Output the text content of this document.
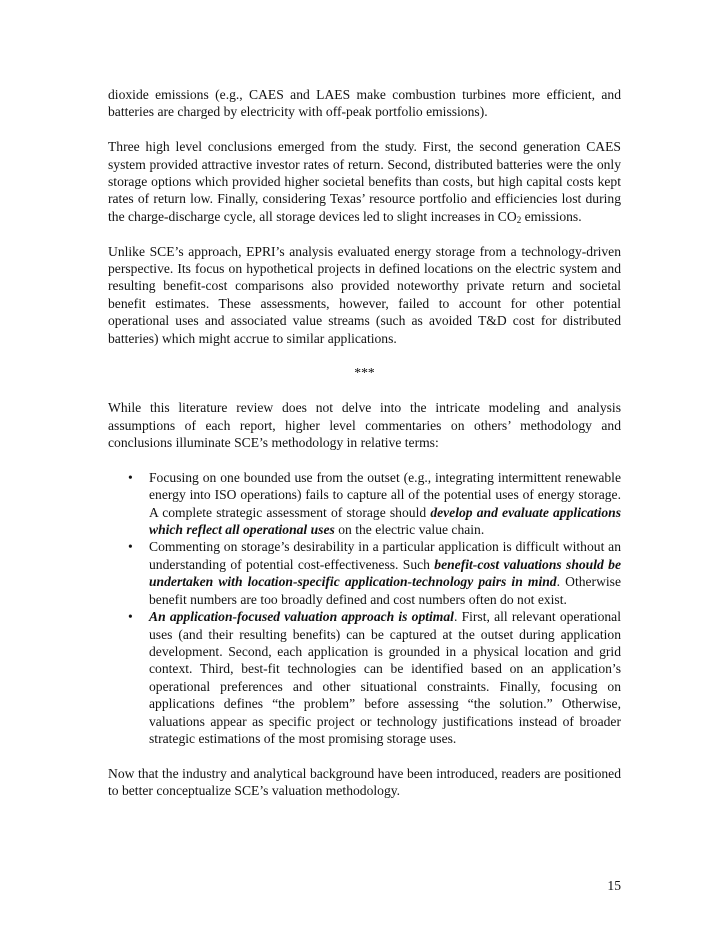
dioxide emissions (e.g., CAES and LAES make combustion turbines more efficient, and batteries are charged by electricity with off-peak portfolio emissions).

Three high level conclusions emerged from the study. First, the second generation CAES system provided attractive investor rates of return. Second, distributed batteries were the only storage options which provided higher societal benefits than costs, but high capital costs kept rates of return low. Finally, considering Texas’ resource portfolio and efficiencies lost during the charge-discharge cycle, all storage devices led to slight increases in $CO_2$ emissions.

Unlike SCE’s approach, EPRI’s analysis evaluated energy storage from a technology-driven perspective. Its focus on hypothetical projects in defined locations on the electric system and resulting benefit-cost comparisons also provided noteworthy private return and societal benefit estimates. These assessments, however, failed to account for other potential operational uses and associated value streams (such as avoided T&D cost for distributed batteries) which might accrue to similar applications.

***

While this literature review does not delve into the intricate modeling and analysis assumptions of each report, higher level commentaries on others’ methodology and conclusions illuminate SCE’s methodology in relative terms:

• Focusing on one bounded use from the outset (e.g., integrating intermittent renewable energy into ISO operations) fails to capture all of the potential uses of energy storage. A complete strategic assessment of storage should develop and evaluate applications which reflect all operational uses on the electric value chain.
• Commenting on storage’s desirability in a particular application is difficult without an understanding of potential cost-effectiveness. Such benefit-cost valuations should be undertaken with location-specific application-technology pairs in mind. Otherwise benefit numbers are too broadly defined and cost numbers often do not exist.
• An application-focused valuation approach is optimal. First, all relevant operational uses (and their resulting benefits) can be captured at the outset during application development. Second, each application is grounded in a physical location and grid context. Third, best-fit technologies can be identified based on an application’s operational preferences and other situational constraints. Finally, focusing on applications defines “the problem” before assessing “the solution.” Otherwise, valuations appear as specific project or technology justifications instead of broader strategic estimations of the most promising storage uses.

Now that the industry and analytical background have been introduced, readers are positioned to better conceptualize SCE’s valuation methodology.

15
